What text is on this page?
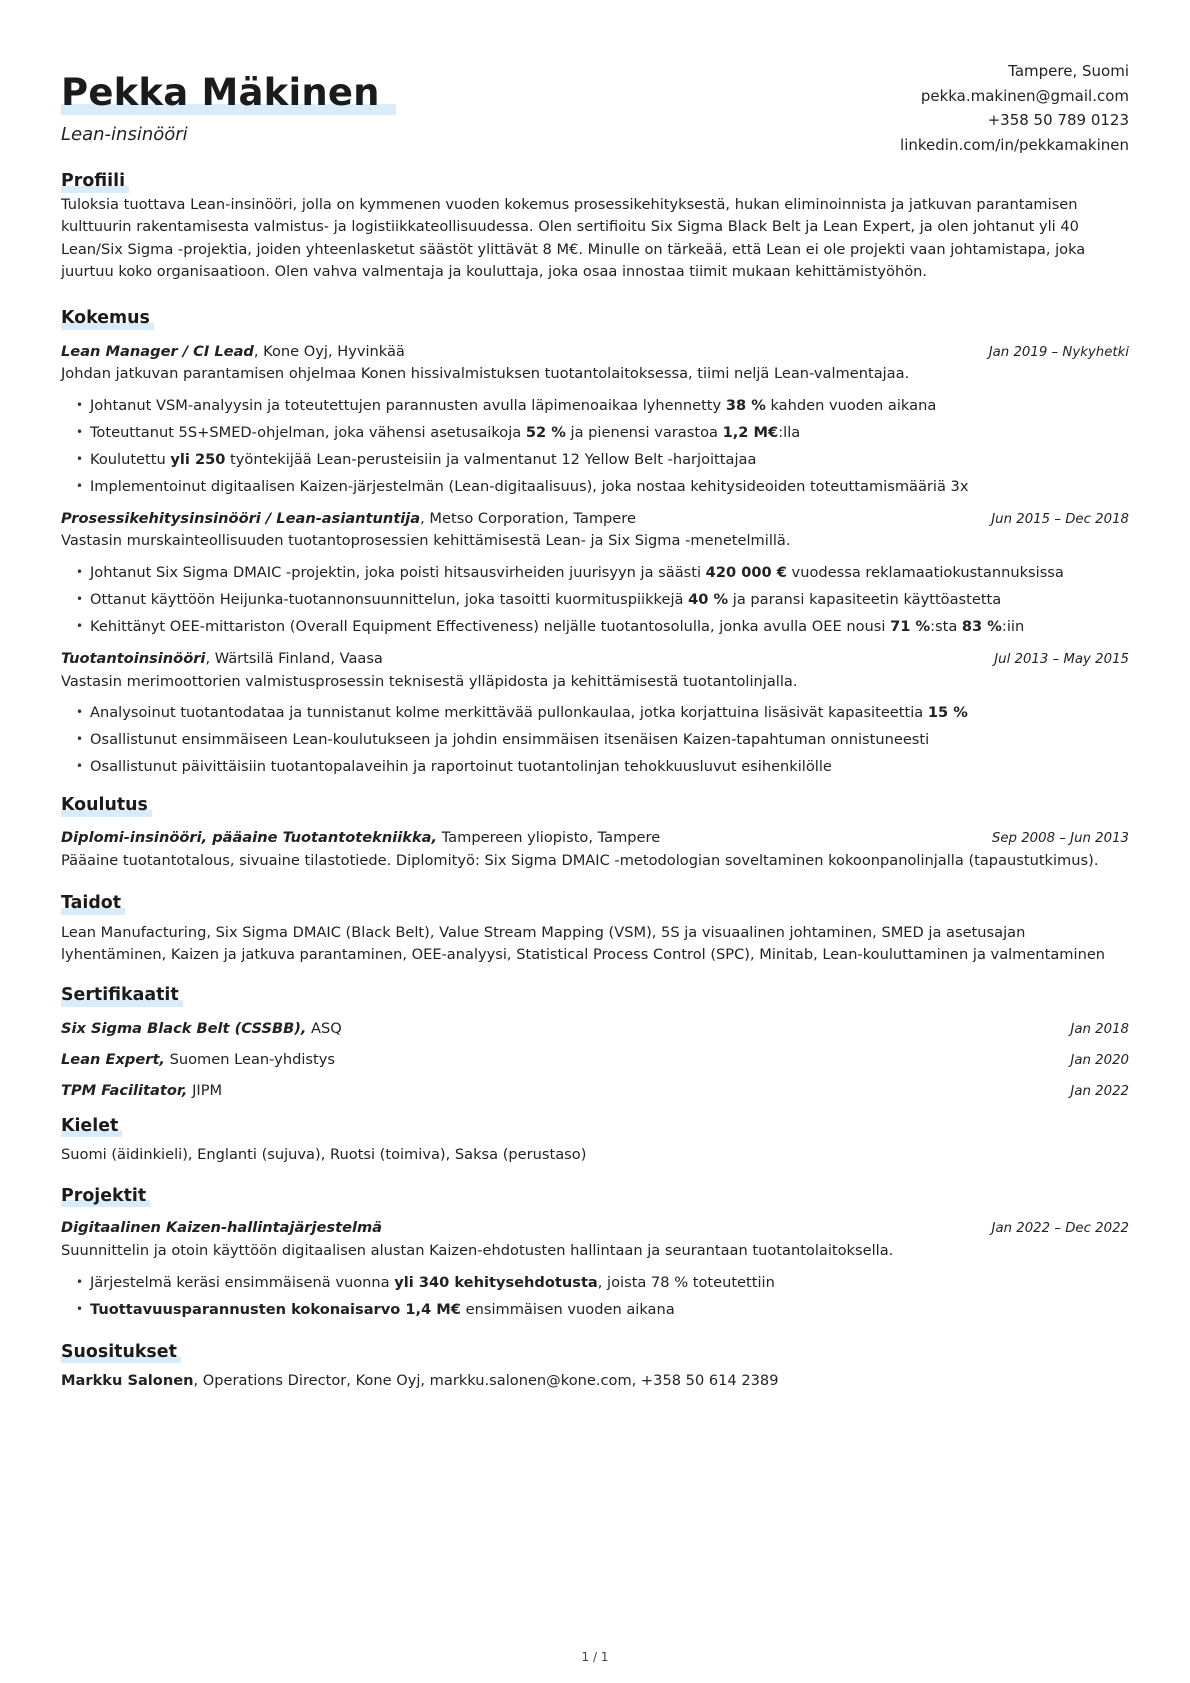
Pekka Mäkinen
Lean-insinööri
Tampere, Suomi
pekka.makinen@gmail.com
+358 50 789 0123
linkedin.com/in/pekkamakinen
Profiili

Tuloksia tuottava Lean-insinööri, jolla on kymmenen vuoden kokemus prosessikehityksestä, hukan eliminoinnista ja jatkuvan parantamisen kulttuurin rakentamisesta valmistus- ja logistiikkateollisuudessa. Olen sertifioitu Six Sigma Black Belt ja Lean Expert, ja olen johtanut yli 40 Lean/Six Sigma -projektia, joiden yhteenlasketut säästöt ylittävät 8 M€. Minulle on tärkeää, että Lean ei ole projekti vaan johtamistapa, joka juurtuu koko organisaatioon. Olen vahva valmentaja ja kouluttaja, joka osaa innostaa tiimit mukaan kehittämistyöhön.

Kokemus
Lean Manager / CI Lead, Kone Oyj, Hyvinkää	Jan 2019 – Nykyhetki

Johdan jatkuvan parantamisen ohjelmaa Konen hissivalmistuksen tuotantolaitoksessa, tiimi neljä Lean-valmentajaa.

• Johtanut VSM-analyysin ja toteutettujen parannusten avulla läpimenoaikaa lyhennetty 38 % kahden vuoden aikana
• Toteuttanut 5S+SMED-ohjelman, joka vähensi asetusaikoja 52 % ja pienensi varastoa 1,2 M€:lla
• Koulutettu yli 250 työntekijää Lean-perusteisiin ja valmentanut 12 Yellow Belt -harjoittajaa
• Implementoinut digitaalisen Kaizen-järjestelmän (Lean-digitaalisuus), joka nostaa kehitysideoiden toteuttamismääriä 3x
Prosessikehitysinsinööri / Lean-asiantuntija, Metso Corporation, Tampere	Jun 2015 – Dec 2018

Vastasin murskainteollisuuden tuotantoprosessien kehittämisestä Lean- ja Six Sigma -menetelmillä.

• Johtanut Six Sigma DMAIC -projektin, joka poisti hitsausvirheiden juurisyyn ja säästi 420 000 € vuodessa reklamaatiokustannuksissa
• Ottanut käyttöön Heijunka-tuotannonsuunnittelun, joka tasoitti kuormituspiikkejä 40 % ja paransi kapasiteetin käyttöastetta
• Kehittänyt OEE-mittariston (Overall Equipment Effectiveness) neljälle tuotantosolulla, jonka avulla OEE nousi 71 %:sta 83 %:iin
Tuotantoinsinööri, Wärtsilä Finland, Vaasa	Jul 2013 – May 2015

Vastasin merimoottorien valmistusprosessin teknisestä ylläpidosta ja kehittämisestä tuotantolinjalla.

• Analysoinut tuotantodataa ja tunnistanut kolme merkittävää pullonkaulaa, jotka korjattuina lisäsivät kapasiteettia 15 %
• Osallistunut ensimmäiseen Lean-koulutukseen ja johdin ensimmäisen itsenäisen Kaizen-tapahtuman onnistuneesti
• Osallistunut päivittäisiin tuotantopalaveihin ja raportoinut tuotantolinjan tehokkuusluvut esihenkilölle
Koulutus
Diplomi-insinööri, pääaine Tuotantotekniikka, Tampereen yliopisto, Tampere	Sep 2008 – Jun 2013

Pääaine tuotantotalous, sivuaine tilastotiede. Diplomityö: Six Sigma DMAIC -metodologian soveltaminen kokoonpanolinjalla (tapaustutkimus).

Taidot

Lean Manufacturing, Six Sigma DMAIC (Black Belt), Value Stream Mapping (VSM), 5S ja visuaalinen johtaminen, SMED ja asetusajan lyhentäminen, Kaizen ja jatkuva parantaminen, OEE-analyysi, Statistical Process Control (SPC), Minitab, Lean-kouluttaminen ja valmentaminen

Sertifikaatit
Six Sigma Black Belt (CSSBB), ASQ	Jan 2018
Lean Expert, Suomen Lean-yhdistys	Jan 2020
TPM Facilitator, JIPM	Jan 2022
Kielet

Suomi (äidinkieli), Englanti (sujuva), Ruotsi (toimiva), Saksa (perustaso)

Projektit
Digitaalinen Kaizen-hallintajärjestelmä	Jan 2022 – Dec 2022

Suunnittelin ja otoin käyttöön digitaalisen alustan Kaizen-ehdotusten hallintaan ja seurantaan tuotantolaitoksella.

• Järjestelmä keräsi ensimmäisenä vuonna yli 340 kehitysehdotusta, joista 78 % toteutettiin
• Tuottavuusparannusten kokonaisarvo 1,4 M€ ensimmäisen vuoden aikana
Suositukset

Markku Salonen, Operations Director, Kone Oyj, markku.salonen@kone.com, +358 50 614 2389

1 / 1
